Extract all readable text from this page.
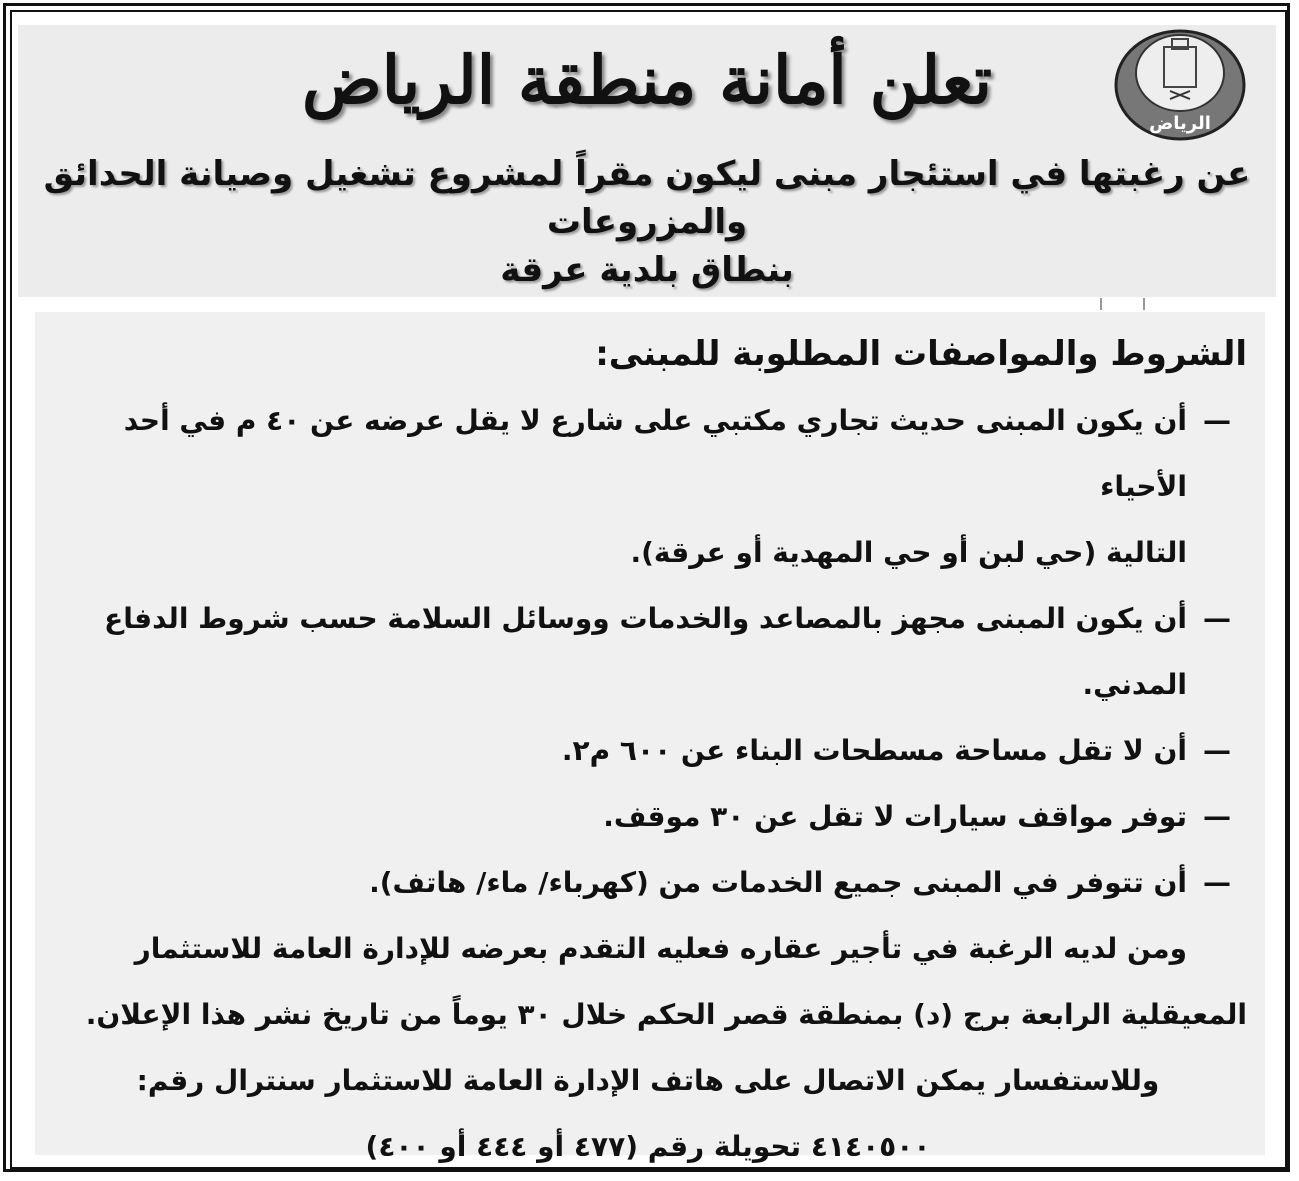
الرياض
تعلن أمانة منطقة الرياض
عن رغبتها في استئجار مبنى ليكون مقراً لمشروع تشغيل وصيانة الحدائق والمزروعات
بنطاق بلدية عرقة
الشروط والمواصفات المطلوبة للمبنى:
—
أن يكون المبنى حديث تجاري مكتبي على شارع لا يقل عرضه عن ٤٠ م في أحد الأحياء
التالية (حي لبن أو حي المهدية أو عرقة).
—
أن يكون المبنى مجهز بالمصاعد والخدمات ووسائل السلامة حسب شروط الدفاع المدني.
—
أن لا تقل مساحة مسطحات البناء عن ٦٠٠ م٢.
—
توفر مواقف سيارات لا تقل عن ٣٠ موقف.
—
أن تتوفر في المبنى جميع الخدمات من (كهرباء/ ماء/ هاتف).
ومن لديه الرغبة في تأجير عقاره فعليه التقدم بعرضه للإدارة العامة للاستثمار
المعيقلية الرابعة برج (د) بمنطقة قصر الحكم خلال ٣٠ يوماً من تاريخ نشر هذا الإعلان.
وللاستفسار يمكن الاتصال على هاتف الإدارة العامة للاستثمار سنترال رقم:
٤١٤٠٥٠٠ تحويلة رقم (٤٧٧ أو ٤٤٤ أو ٤٠٠)
